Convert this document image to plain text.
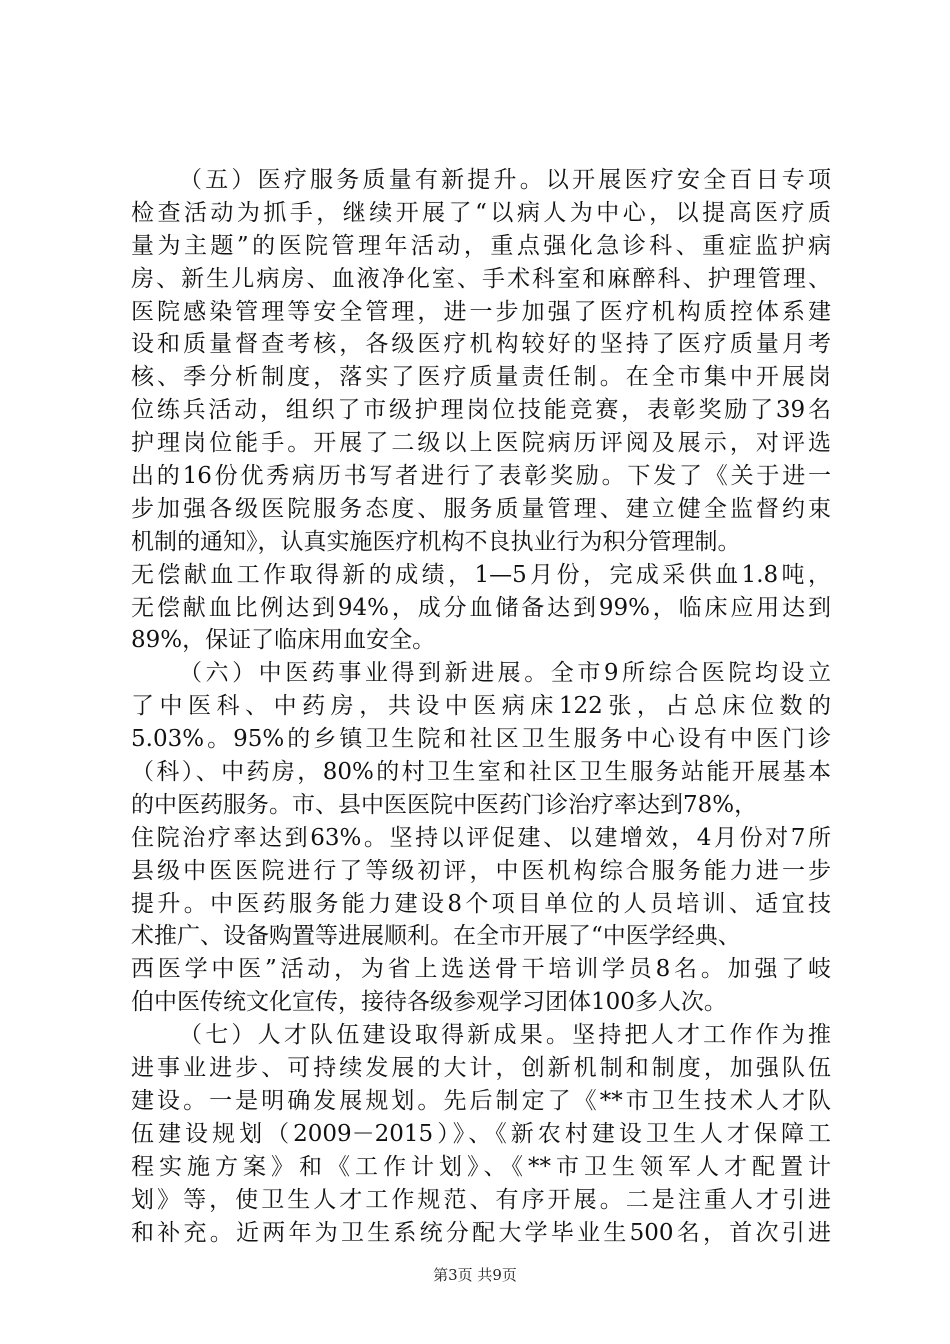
（五）医疗服务质量有新提升。以开展医疗安全百日专项
检查活动为抓手，继续开展了“以病人为中心，以提高医疗质
量为主题”的医院管理年活动，重点强化急诊科、重症监护病
房、新生儿病房、血液净化室、手术科室和麻醉科、护理管理、
医院感染管理等安全管理，进一步加强了医疗机构质控体系建
设和质量督查考核，各级医疗机构较好的坚持了医疗质量月考
核、季分析制度，落实了医疗质量责任制。在全市集中开展岗
位练兵活动，组织了市级护理岗位技能竞赛，表彰奖励了39名
护理岗位能手。开展了二级以上医院病历评阅及展示，对评选
出的16份优秀病历书写者进行了表彰奖励。下发了《关于进一
步加强各级医院服务态度、服务质量管理、建立健全监督约束
机制的通知》，认真实施医疗机构不良执业行为积分管理制。
无偿献血工作取得新的成绩，1—5月份，完成采供血1.8吨，
无偿献血比例达到94%，成分血储备达到99%，临床应用达到
89%，保证了临床用血安全。
（六）中医药事业得到新进展。全市9所综合医院均设立
了中医科、中药房，共设中医病床122张，占总床位数的
5.03%。95%的乡镇卫生院和社区卫生服务中心设有中医门诊
（科）、中药房，80%的村卫生室和社区卫生服务站能开展基本
的中医药服务。市、县中医医院中医药门诊治疗率达到78%，
住院治疗率达到63%。坚持以评促建、以建增效，4月份对7所
县级中医医院进行了等级初评，中医机构综合服务能力进一步
提升。中医药服务能力建设8个项目单位的人员培训、适宜技
术推广、设备购置等进展顺利。在全市开展了“中医学经典、
西医学中医”活动，为省上选送骨干培训学员8名。加强了岐
伯中医传统文化宣传，接待各级参观学习团体100多人次。
（七）人才队伍建设取得新成果。坚持把人才工作作为推
进事业进步、可持续发展的大计，创新机制和制度，加强队伍
建设。一是明确发展规划。先后制定了《**市卫生技术人才队
伍建设规划（2009－2015）》、《新农村建设卫生人才保障工
程实施方案》和《工作计划》、《**市卫生领军人才配置计
划》等，使卫生人才工作规范、有序开展。二是注重人才引进
和补充。近两年为卫生系统分配大学毕业生500名，首次引进
第3页 共9页
